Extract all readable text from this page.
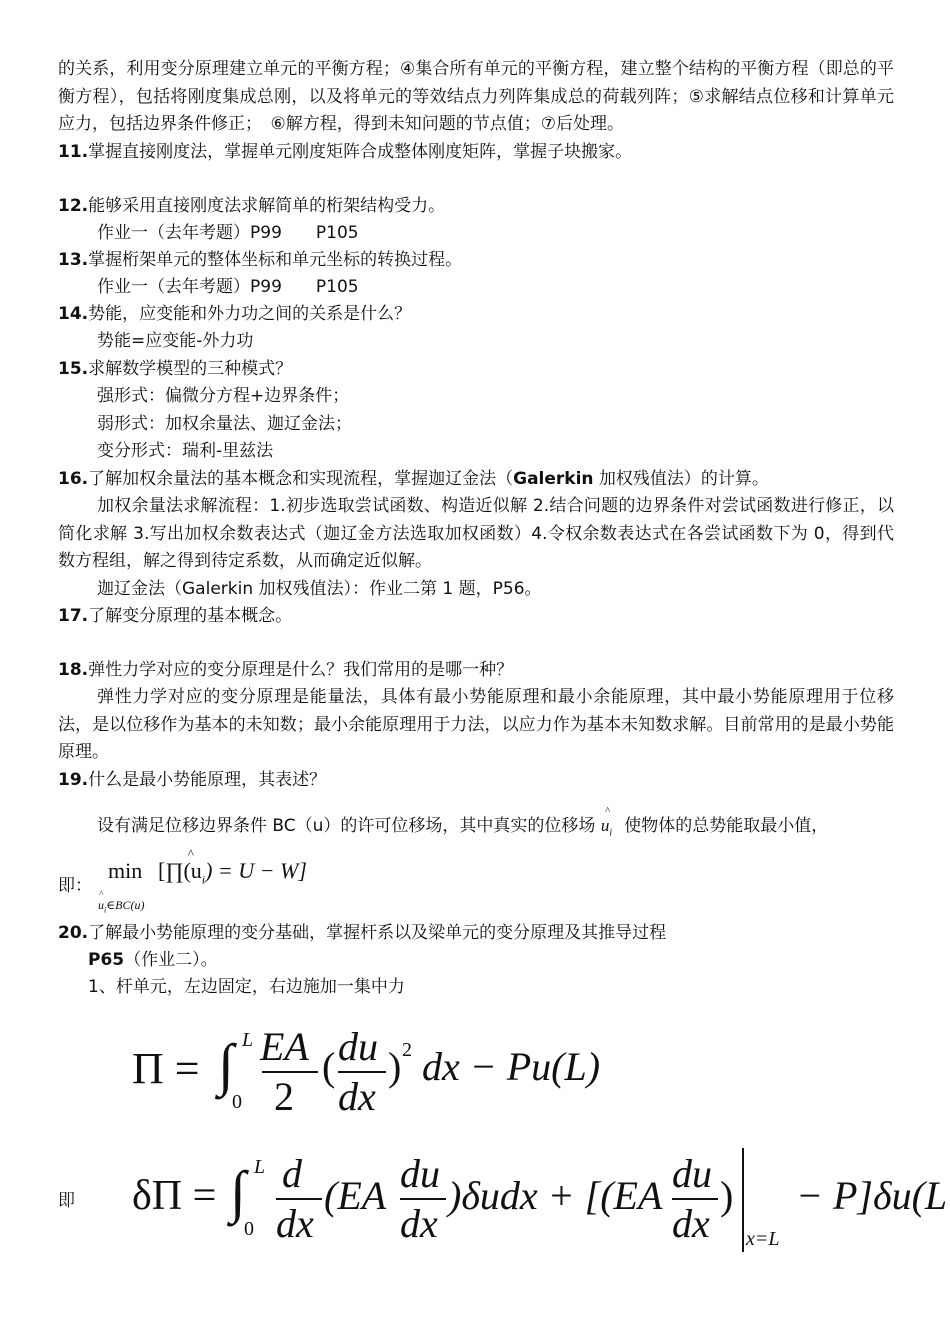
的关系，利用变分原理建立单元的平衡方程；④集合所有单元的平衡方程，建立整个结构的平衡方程（即总的平衡方程），包括将刚度集成总刚，以及将单元的等效结点力列阵集成总的荷载列阵；⑤求解结点位移和计算单元应力，包括边界条件修正；　⑥解方程，得到未知问题的节点值；⑦后处理。
11.掌握直接刚度法，掌握单元刚度矩阵合成整体刚度矩阵，掌握子块搬家。
12.能够采用直接刚度法求解简单的桁架结构受力。
作业一（去年考题）P99　　P105
13.掌握桁架单元的整体坐标和单元坐标的转换过程。
作业一（去年考题）P99　　P105
14.势能，应变能和外力功之间的关系是什么？
势能=应变能-外力功
15.求解数学模型的三种模式？
强形式：偏微分方程+边界条件；
弱形式：加权余量法、迦辽金法；
变分形式：瑞利-里兹法
16.了解加权余量法的基本概念和实现流程，掌握迦辽金法（Galerkin 加权残值法）的计算。
加权余量法求解流程：1.初步选取尝试函数、构造近似解 2.结合问题的边界条件对尝试函数进行修正，以简化求解 3.写出加权余数表达式（迦辽金方法选取加权函数）4.令权余数表达式在各尝试函数下为 0，得到代数方程组，解之得到待定系数，从而确定近似解。
迦辽金法（Galerkin 加权残值法）：作业二第 1 题，P56。
17.了解变分原理的基本概念。
18.弹性力学对应的变分原理是什么？我们常用的是哪一种？
弹性力学对应的变分原理是能量法，具体有最小势能原理和最小余能原理，其中最小势能原理用于位移法，是以位移作为基本的未知数；最小余能原理用于力法，以应力作为基本未知数求解。目前常用的是最小势能原理。
19.什么是最小势能原理，其表述？
设有满足位移边界条件 BC（u）的许可位移场，其中真实的位移场
^
$u_i$ 使物体的总势能取最小值，
即：
min [∏(u
^
$_i$) = U − W]
^
$u_i\in BC(u)$
20.了解最小势能原理的变分基础，掌握杆系以及梁单元的变分原理及其推导过程
P65（作业二）。
1、杆单元，左边固定，右边施加一集中力
Π = ∫ L
0
EA
2
( du
dx
) 2 dx − Pu(L)
即 δΠ = ∫ L
0
d
dx
(EA du
dx
)δudx + [(EA du
dx
)
x=L
− P]δu(L
